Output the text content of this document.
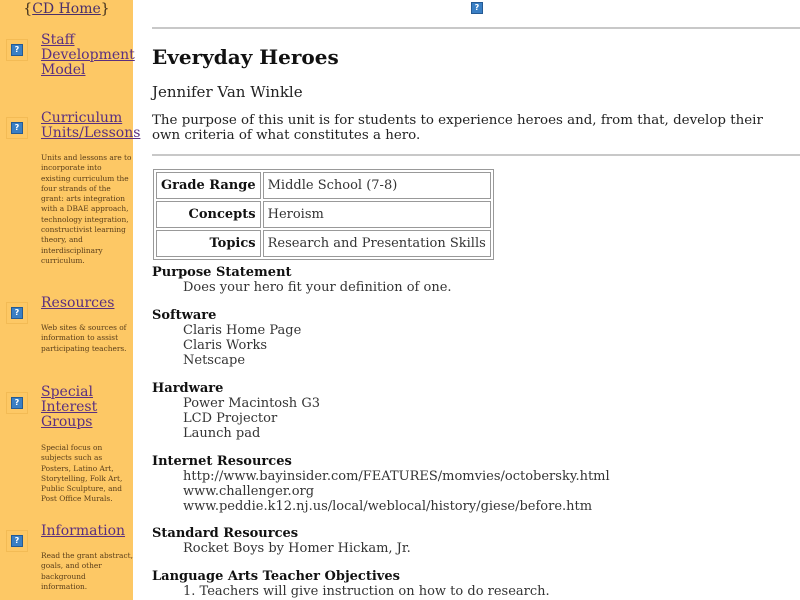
{CD Home}
?
Staff
Development
Model
?
Curriculum
Units/Lessons
Units and lessons are to incorporate into existing curriculum the four strands of the grant: arts integration with a DBAE approach, technology integration, constructivist learning theory, and interdisciplinary curriculum.
?
Resources
Web sites & sources of information to assist participating teachers.
?
Special
Interest
Groups
Special focus on subjects such as Posters, Latino Art, Storytelling, Folk Art, Public Sculpture, and Post Office Murals.
?
Information
Read the grant abstract, goals, and other background information.
?
Everyday Heroes
Jennifer Van Winkle
The purpose of this unit is for students to experience heroes and, from that, develop their own criteria of what constitutes a hero.
Grade Range	Middle School (7-8)
Concepts	Heroism
Topics	Research and Presentation Skills
Purpose Statement
Does your hero fit your definition of one.
Software
Claris Home Page
Claris Works
Netscape
Hardware
Power Macintosh G3
LCD Projector
Launch pad
Internet Resources
http://www.bayinsider.com/FEATURES/momvies/octobersky.html
www.challenger.org
www.peddie.k12.nj.us/local/weblocal/history/giese/before.htm
Standard Resources
Rocket Boys by Homer Hickam, Jr.
Language Arts Teacher Objectives
1. Teachers will give instruction on how to do research.
